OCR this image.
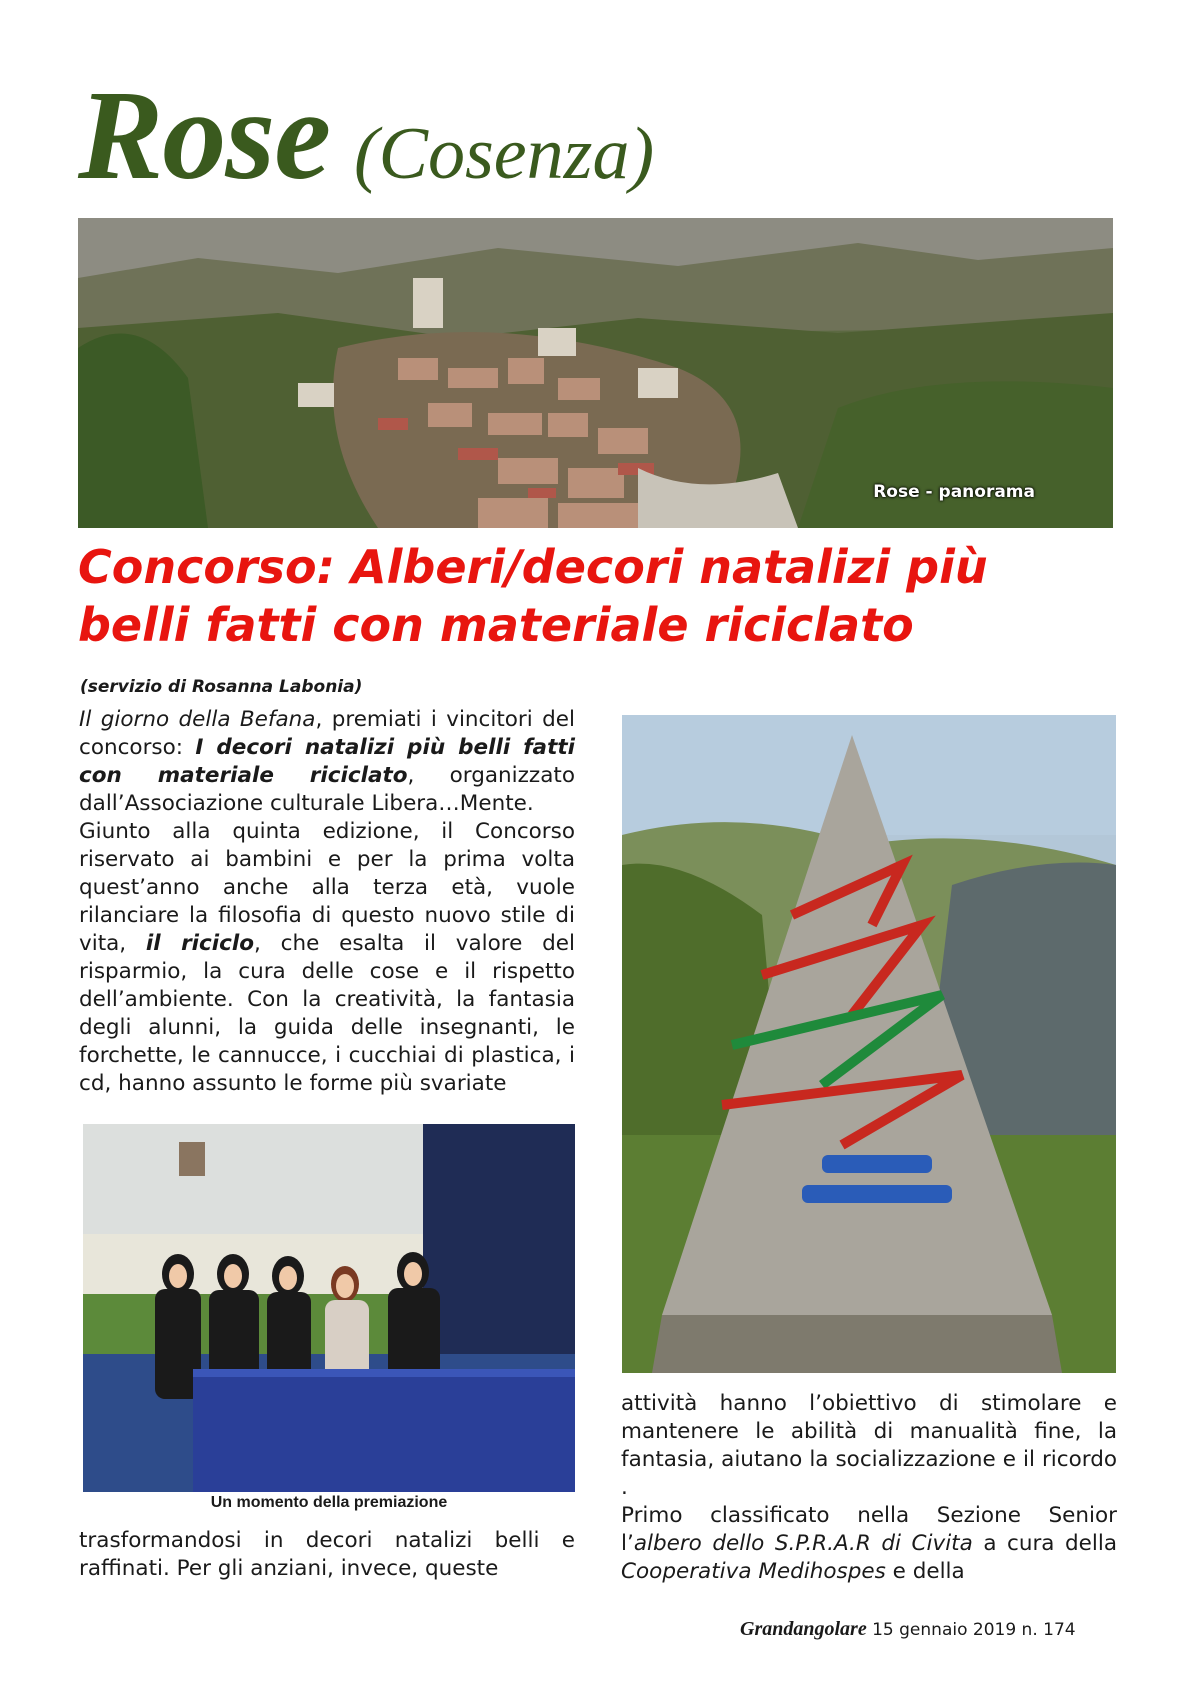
Rose (Cosenza)
Rose - panorama
Concorso: Alberi/decori natalizi più
belli fatti con materiale riciclato
(servizio di Rosanna Labonia)
Il giorno della Befana, premiati i vincitori del concorso: I decori natalizi più belli fatti con materiale riciclato, organizzato dall’Associazione culturale Libera…Mente.
Giunto alla quinta edizione, il Concorso riservato ai bambini e per la prima volta quest’anno anche alla terza età, vuole rilanciare la filosofia di questo nuovo stile di vita, il riciclo, che esalta il valore del risparmio, la cura delle cose e il rispetto dell’ambiente. Con la creatività, la fantasia degli alunni, la guida delle insegnanti, le forchette, le cannucce, i cucchiai di plastica, i cd, hanno assunto le forme più svariate
Un momento della premiazione
trasformandosi in decori natalizi belli e raffinati. Per gli anziani, invece, queste
attività hanno l’obiettivo di stimolare e mantenere le abilità di manualità fine, la fantasia, aiutano la socializzazione e il ricordo .
Primo classificato nella Sezione Senior l’albero dello S.P.R.A.R di Civita a cura della Cooperativa Medihospes e della
Grandangolare 15 gennaio 2019 n. 174
